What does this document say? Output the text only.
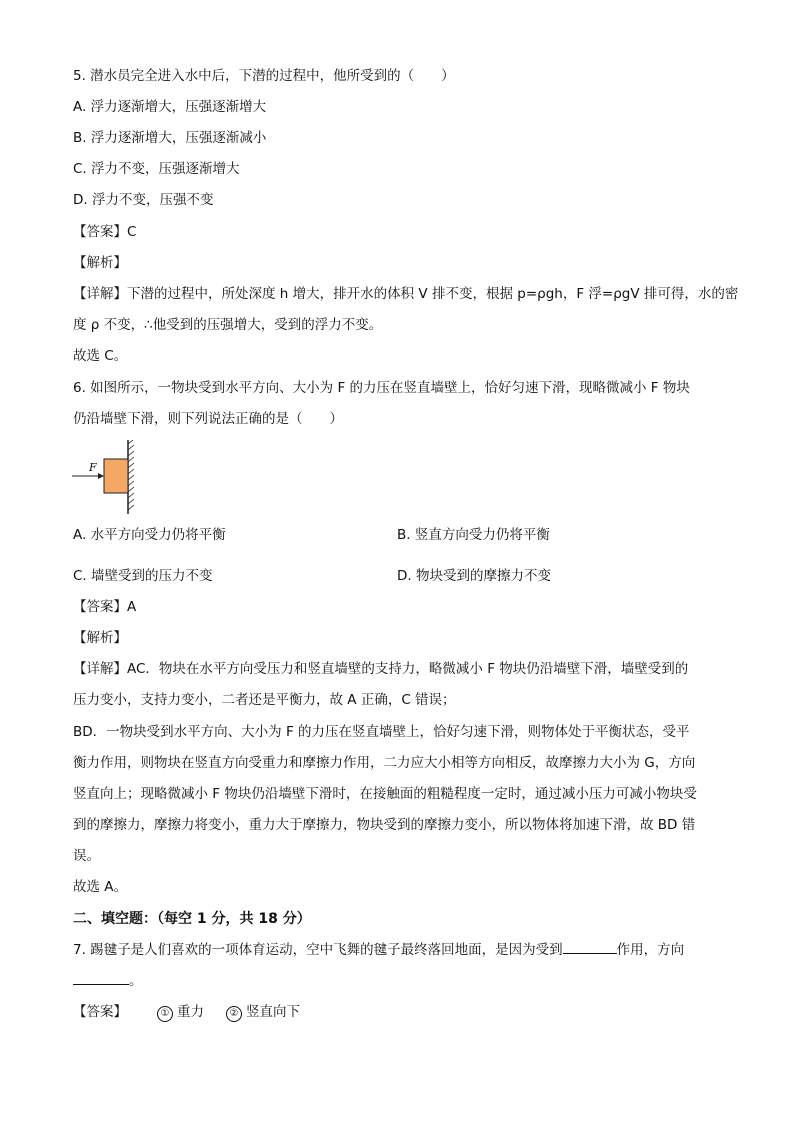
5. 潜水员完全进入水中后，下潜的过程中，他所受到的（　　）
A. 浮力逐渐增大，压强逐渐增大
B. 浮力逐渐增大，压强逐渐减小
C. 浮力不变，压强逐渐增大
D. 浮力不变，压强不变
【答案】C
【解析】
【详解】下潜的过程中，所处深度 h 增大，排开水的体积 V 排不变，根据 p=ρgh，F 浮=ρgV 排可得，水的密
度 ρ 不变，∴他受到的压强增大，受到的浮力不变。
故选 C。
6. 如图所示，一物块受到水平方向、大小为 F 的力压在竖直墙壁上，恰好匀速下滑，现略微减小 F 物块
仍沿墙壁下滑，则下列说法正确的是（　　）
F
A. 水平方向受力仍将平衡	B. 竖直方向受力仍将平衡
C. 墙壁受到的压力不变	D. 物块受到的摩擦力不变
【答案】A
【解析】
【详解】AC．物块在水平方向受压力和竖直墙壁的支持力，略微减小 F 物块仍沿墙壁下滑，墙壁受到的
压力变小，支持力变小，二者还是平衡力，故 A 正确，C 错误；
BD．一物块受到水平方向、大小为 F 的力压在竖直墙壁上，恰好匀速下滑，则物体处于平衡状态，受平
衡力作用，则物块在竖直方向受重力和摩擦力作用，二力应大小相等方向相反，故摩擦力大小为 G，方向
竖直向上；现略微减小 F 物块仍沿墙壁下滑时，在接触面的粗糙程度一定时，通过减小压力可减小物块受
到的摩擦力，摩擦力将变小，重力大于摩擦力，物块受到的摩擦力变小，所以物体将加速下滑，故 BD 错
误。
故选 A。
二、填空题：（每空 1 分，共 18 分）
7. 踢毽子是人们喜欢的一项体育运动，空中飞舞的毽子最终落回地面，是因为受到	作用，方向
。
【答案】	① 重力	② 竖直向下
